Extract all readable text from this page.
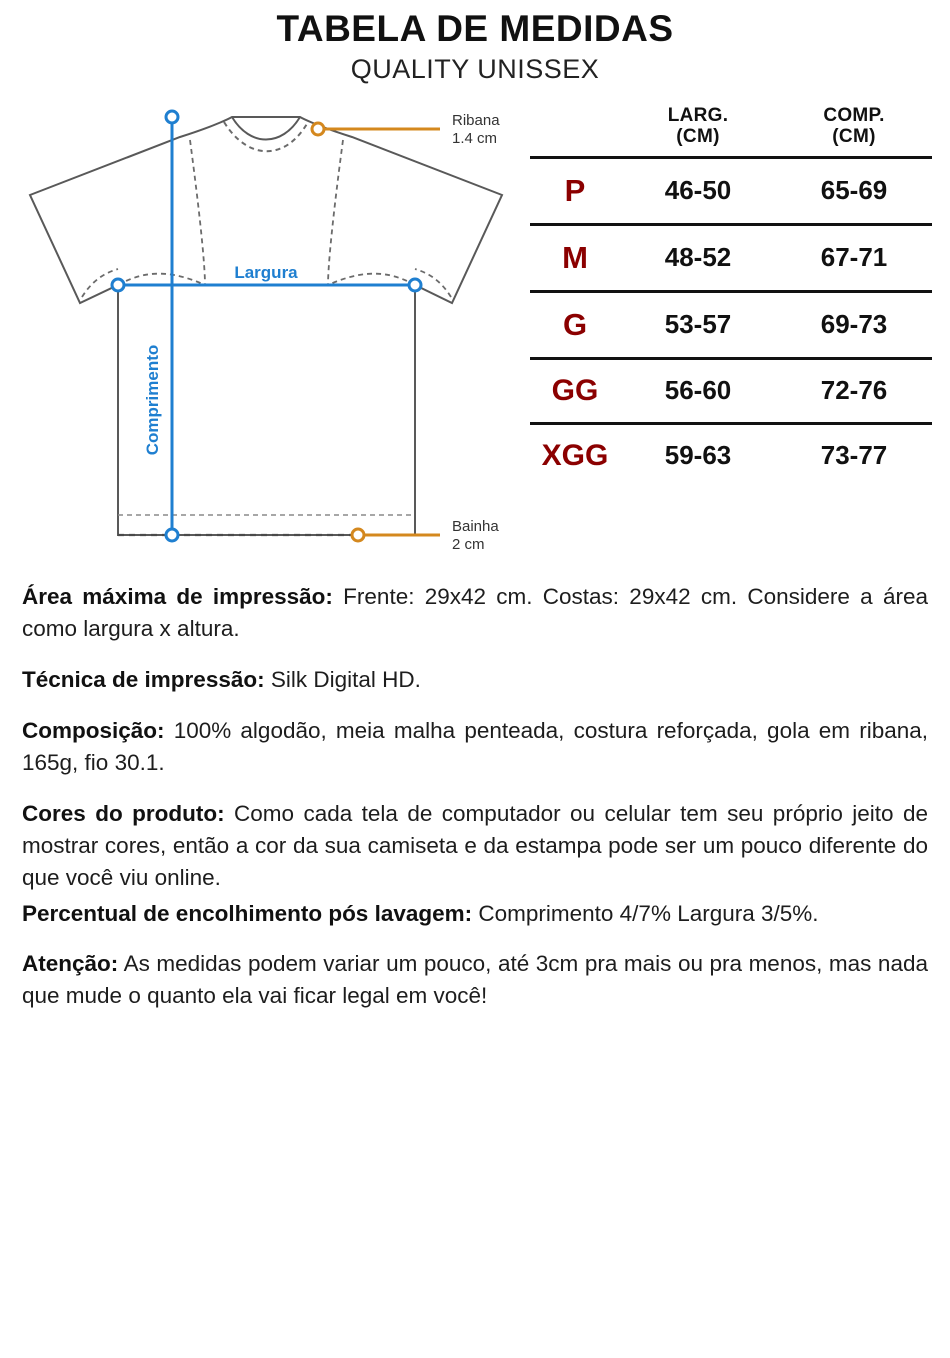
TABELA DE MEDIDAS
QUALITY UNISSEX
Largura
Comprimento
Ribana
1.4 cm
Bainha
2 cm

LARG.
(CM)

COMP.
(CM)

P	46-50	65-69
M	48-52	67-71
G	53-57	69-73
GG	56-60	72-76
XGG	59-63	73-77

Área máxima de impressão: Frente: 29x42 cm. Costas: 29x42 cm. Considere a área como largura x altura.

Técnica de impressão: Silk Digital HD.

Composição: 100% algodão, meia malha penteada, costura reforçada, gola em ribana, 165g, fio 30.1.

Cores do produto: Como cada tela de computador ou celular tem seu próprio jeito de mostrar cores, então a cor da sua camiseta e da estampa pode ser um pouco diferente do que você viu online.

Percentual de encolhimento pós lavagem: Comprimento 4/7% Largura 3/5%.

Atenção: As medidas podem variar um pouco, até 3cm pra mais ou pra menos, mas nada que mude o quanto ela vai ficar legal em você!
